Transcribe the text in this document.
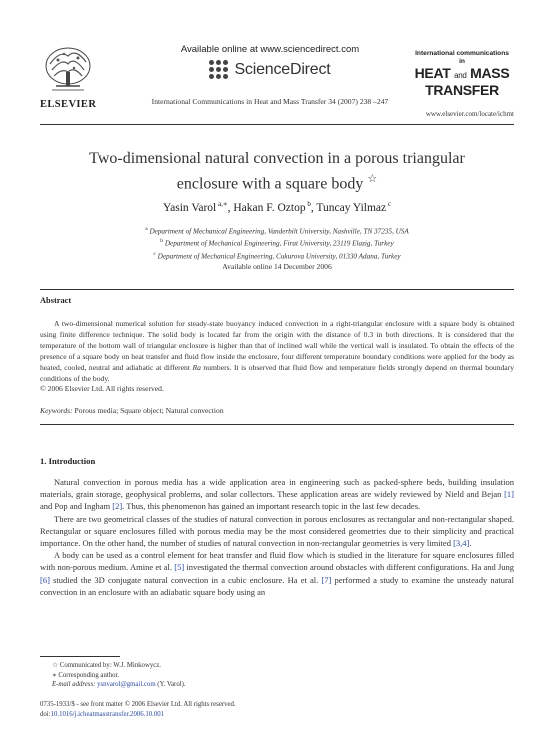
ELSEVIER
Available online at www.sciencedirect.com
ScienceDirect
International Communications in Heat and Mass Transfer 34 (2007) 238 –247
International communications in
HEAT and MASS
TRANSFER
www.elsevier.com/locate/ichmt
Two-dimensional natural convection in a porous triangular
enclosure with a square body ☆
Yasin Varol $^{a,∗}$, Hakan F. Oztop $^b$, Tuncay Yilmaz $^c$
$^a$ Department of Mechanical Engineering, Vanderbilt University, Nashville, TN 37235, USA
$^b$ Department of Mechanical Engineering, Firat University, 23119 Elazig, Turkey
$^c$ Department of Mechanical Engineering, Cukurova University, 01330 Adana, Turkey
Available online 14 December 2006
Abstract
A two-dimensional numerical solution for steady-state buoyancy induced convection in a right-triangular enclosure with a square body is obtained using finite difference technique. The solid body is located far from the origin with the distance of 0.3 in both directions. It is considered that the temperature of the bottom wall of triangular enclosure is higher than that of inclined wall while the vertical wall is insulated. To obtain the effects of the presence of a square body on heat transfer and fluid flow inside the enclosure, four different temperature boundary conditions were applied for the body as heated, cooled, neutral and adiabatic at different Ra numbers. It is observed that fluid flow and temperature fields strongly depend on thermal boundary conditions of the body.
© 2006 Elsevier Ltd. All rights reserved.
Keywords: Porous media; Square object; Natural convection
1. Introduction

Natural convection in porous media has a wide application area in engineering such as packed-sphere beds, building insulation materials, grain storage, geophysical problems, and solar collectors. These application areas are widely reviewed by Nield and Bejan [1] and Pop and Ingham [2]. Thus, this phenomenon has gained an important research topic in the last few decades.

There are two geometrical classes of the studies of natural convection in porous enclosures as rectangular and non-rectangular shaped. Rectangular or square enclosures filled with porous media may be the most considered geometries due to their simplicity and practical importance. On the other hand, the number of studies of natural convection in non-rectangular geometries is very limited [3,4].

A body can be used as a control element for heat transfer and fluid flow which is studied in the literature for square enclosures filled with non-porous medium. Amine et al. [5] investigated the thermal convection around obstacles with different configurations. Ha and Jung [6] studied the 3D conjugate natural convection in a cubic enclosure. Ha et al. [7] performed a study to examine the unsteady natural convection in an enclosure with an adiabatic square body using an

☆ Communicated by: W.J. Minkowycz.
∗ Corresponding author.
E-mail address: ysnvarol@gmail.com (Y. Varol).
0735-1933/$ - see front matter © 2006 Elsevier Ltd. All rights reserved.
doi:10.1016/j.icheatmasstransfer.2006.10.001
